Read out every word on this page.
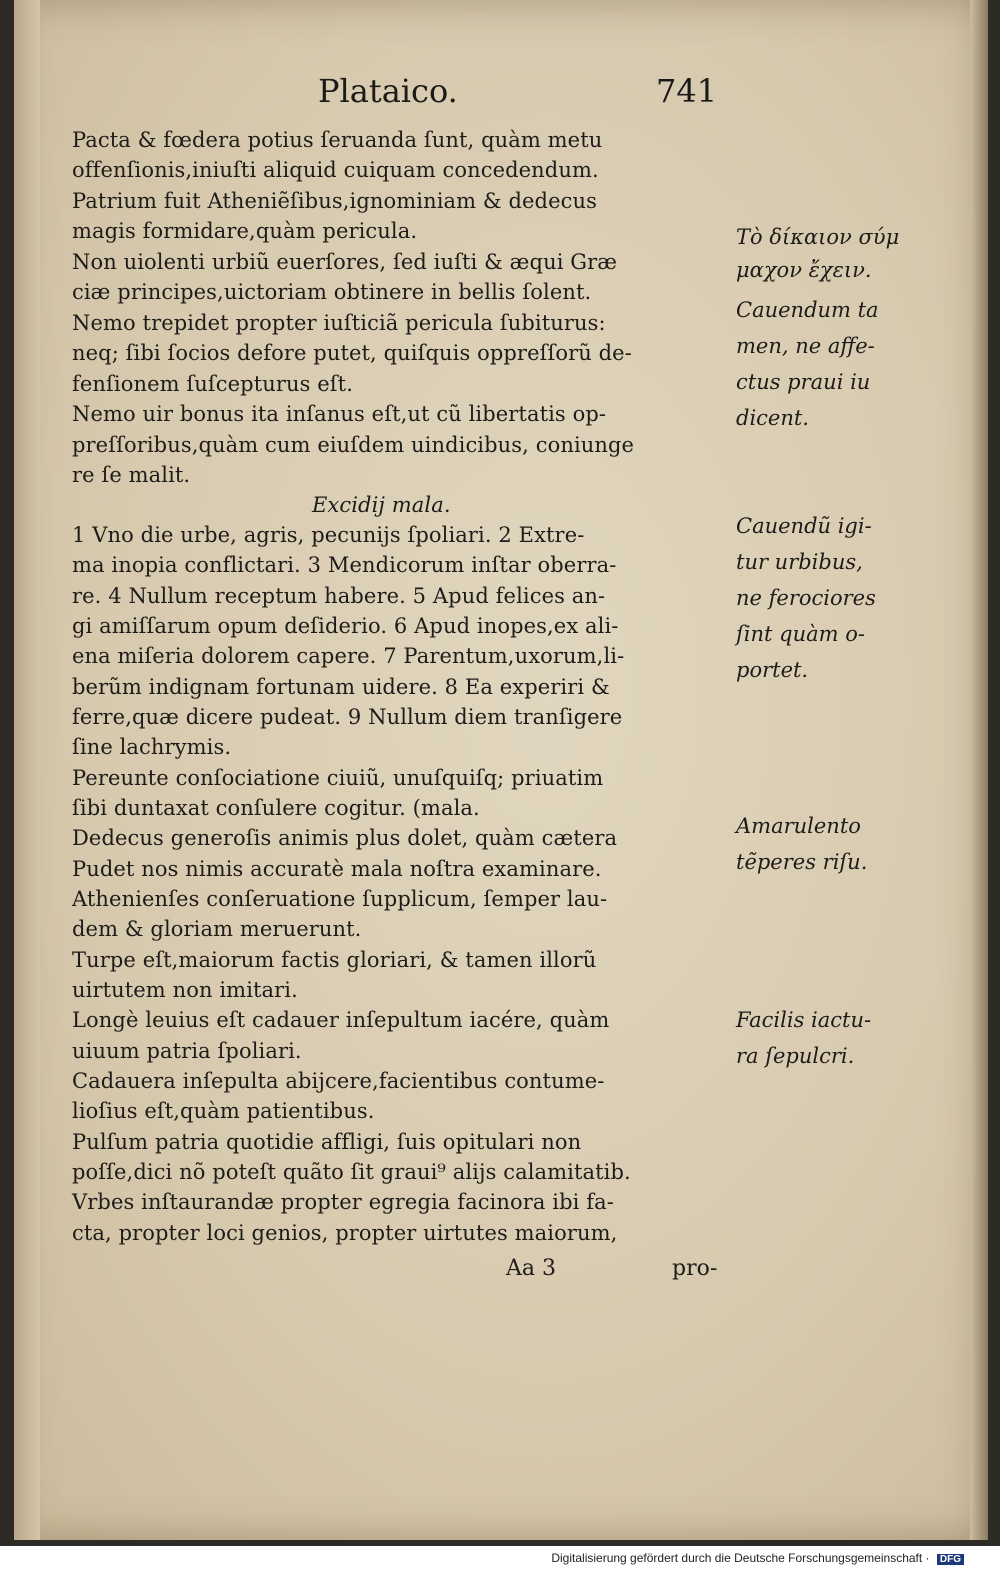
Plataico.	741
Pacta & fœdera potius ſeruanda ſunt, quàm metu
offenſionis,iniuſti aliquid cuiquam concedendum.
Patrium fuit Atheniẽſibus,ignominiam & dedecus
magis formidare,quàm pericula.
Non uiolenti urbiũ euerſores, ſed iuſti & æqui Græ
ciæ principes,uictoriam obtinere in bellis ſolent.
Nemo trepidet propter iuſticiã pericula ſubiturus:
neq; ſibi ſocios defore putet, quiſquis oppreſſorũ de-
fenſionem ſuſcepturus eſt.
Nemo uir bonus ita inſanus eſt,ut cũ libertatis op-
preſſoribus,quàm cum eiuſdem uindicibus, coniunge
re ſe malit.
Excidij mala.
1 Vno die urbe, agris, pecunijs ſpoliari. 2 Extre-
ma inopia conflictari. 3 Mendicorum inſtar oberra-
re. 4 Nullum receptum habere. 5 Apud felices an-
gi amiſſarum opum deſiderio. 6 Apud inopes,ex ali-
ena miſeria dolorem capere. 7 Parentum,uxorum,li-
berũm indignam fortunam uidere. 8 Ea experiri &
ferre,quæ dicere pudeat. 9 Nullum diem tranſigere
ſine lachrymis.
Pereunte conſociatione ciuiũ, unuſquiſq; priuatim
ſibi duntaxat conſulere cogitur. (mala.
Dedecus generoſis animis plus dolet, quàm cætera
Pudet nos nimis accuratè mala noſtra examinare.
Athenienſes conſeruatione ſupplicum, ſemper lau-
dem & gloriam meruerunt.
Turpe eſt,maiorum factis gloriari, & tamen illorũ
uirtutem non imitari.
Longè leuius eſt cadauer inſepultum iacére, quàm
uiuum patria ſpoliari.
Cadauera inſepulta abijcere,facientibus contume-
lioſius eſt,quàm patientibus.
Pulſum patria quotidie affligi, ſuis opitulari non
poſſe,dici nõ poteſt quãto ſit graui⁹ alijs calamitatib.
Vrbes inſtaurandæ propter egregia facinora ibi fa-
cta, propter loci genios, propter uirtutes maiorum,
Τὸ δίκαιον σύμ
μαχον ἔχειν.
Cauendum ta
men, ne affe-
ctus praui iu
dicent.
Cauendũ igi-
tur urbibus,
ne ferociores
ſint quàm o-
portet.
Amarulento
tẽperes riſu.
Facilis iactu-
ra ſepulcri.
Aa 3	pro-
Digitalisierung gefördert durch die Deutsche Forschungsgemeinschaft · DFG
